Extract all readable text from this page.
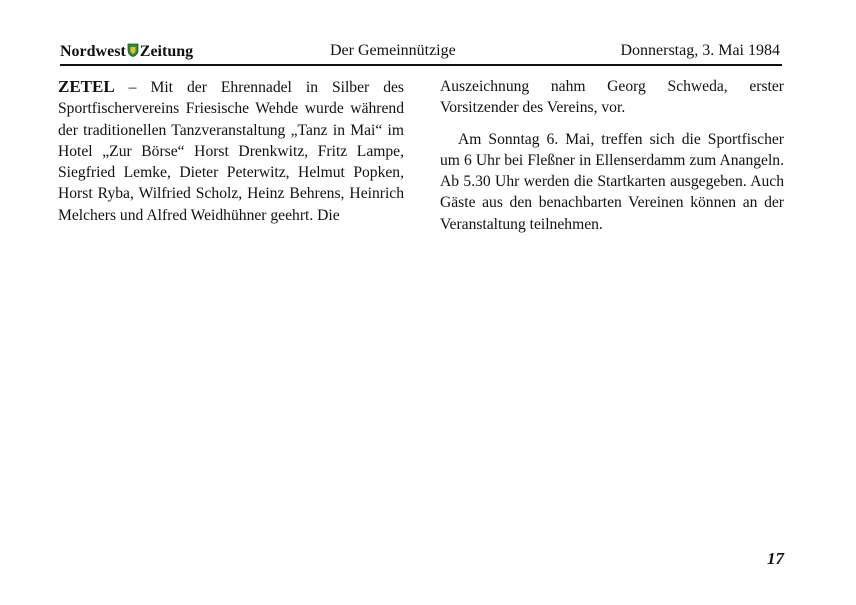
Nordwest Zeitung	Der Gemeinnützige	Donnerstag, 3. Mai 1984

ZETEL – Mit der Ehrennadel in Silber des Sportfischervereins Friesische Wehde wurde während der traditionellen Tanzveranstaltung „Tanz in Mai“ im Hotel „Zur Börse“ Horst Drenkwitz, Fritz Lampe, Siegfried Lemke, Dieter Peterwitz, Helmut Popken, Horst Ryba, Wilfried Scholz, Heinz Behrens, Heinrich Melchers und Alfred Weidhühner geehrt. Die

Auszeichnung nahm Georg Schweda, erster Vorsitzender des Vereins, vor.

Am Sonntag 6. Mai, treffen sich die Sportfischer um 6 Uhr bei Fleßner in Ellenserdamm zum Anangeln. Ab 5.30 Uhr werden die Startkarten ausgegeben. Auch Gäste aus den benachbarten Vereinen können an der Veranstaltung teilnehmen.

17
